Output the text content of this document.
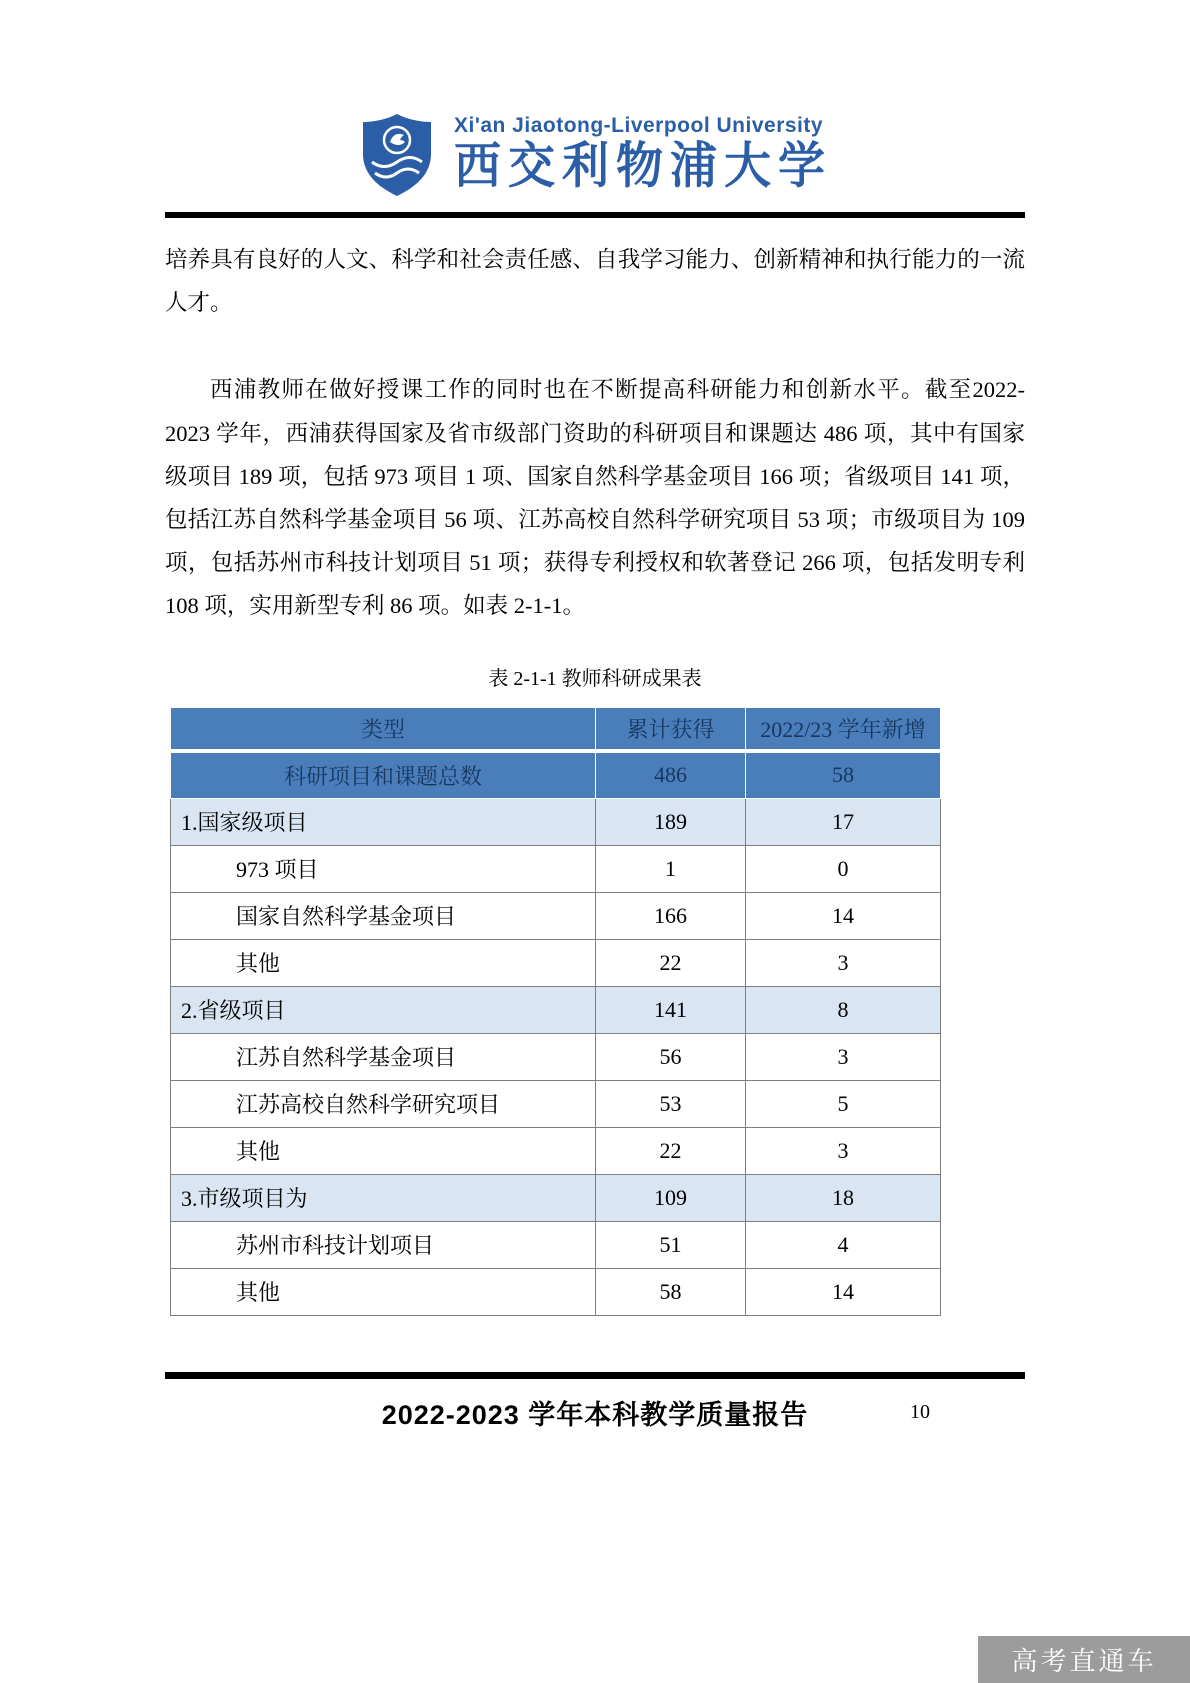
Xi'an Jiaotong-Liverpool University
西交利物浦大学

培养具有良好的人文、科学和社会责任感、自我学习能力、创新精神和执行能力的一流人才。

西浦教师在做好授课工作的同时也在不断提高科研能力和创新水平。截至2022-2023 学年，西浦获得国家及省市级部门资助的科研项目和课题达 486 项，其中有国家级项目 189 项，包括 973 项目 1 项、国家自然科学基金项目 166 项；省级项目 141 项，包括江苏自然科学基金项目 56 项、江苏高校自然科学研究项目 53 项；市级项目为 109 项，包括苏州市科技计划项目 51 项；获得专利授权和软著登记 266 项，包括发明专利 108 项，实用新型专利 86 项。如表 2-1-1。

表 2-1-1 教师科研成果表
类型	累计获得	2022/23 学年新增
科研项目和课题总数	486	58
1.国家级项目	189	17
973 项目	1	0
国家自然科学基金项目	166	14
其他	22	3
2.省级项目	141	8
江苏自然科学基金项目	56	3
江苏高校自然科学研究项目	53	5
其他	22	3
3.市级项目为	109	18
苏州市科技计划项目	51	4
其他	58	14
2022-2023 学年本科教学质量报告	10
高考直通车
